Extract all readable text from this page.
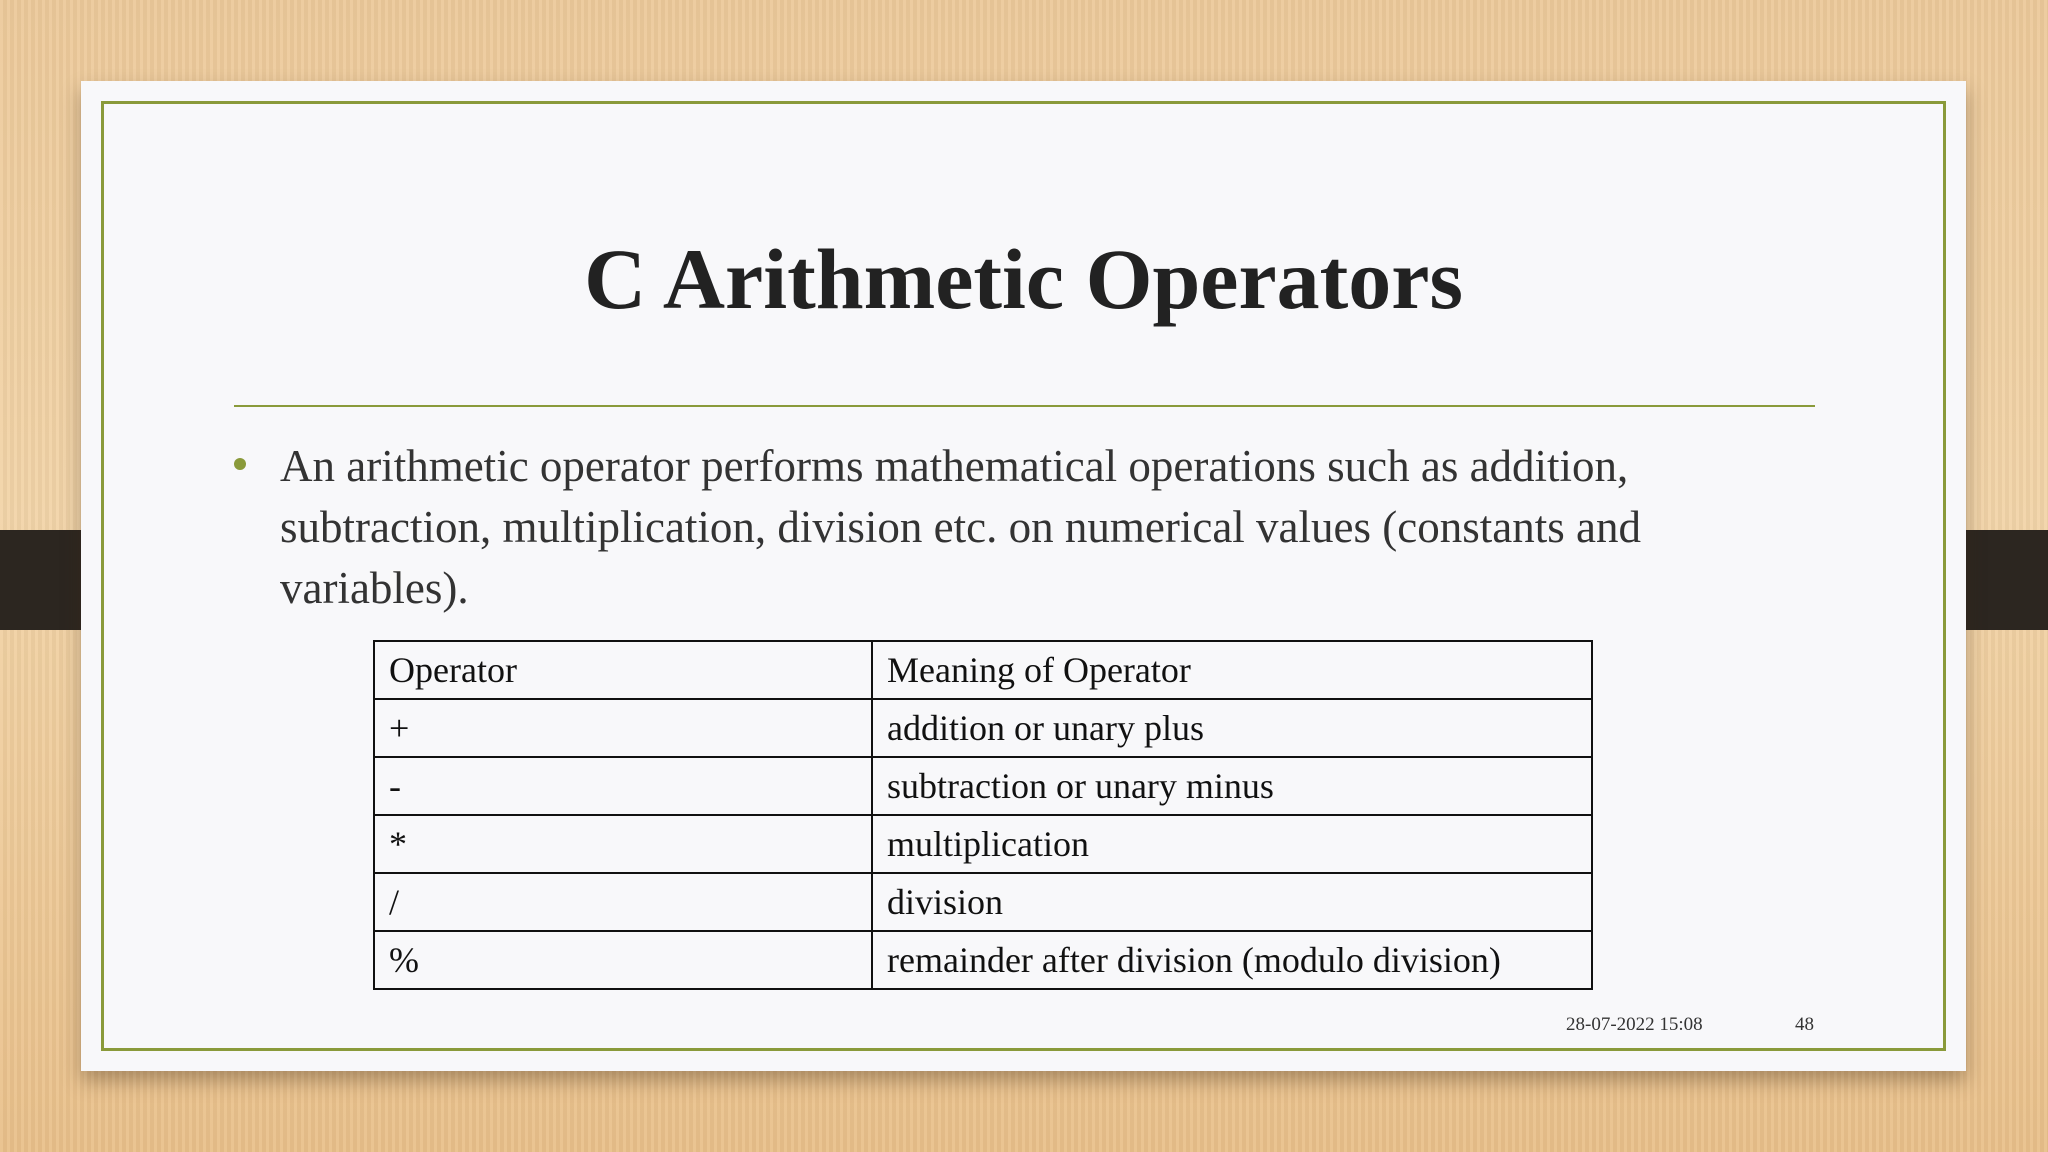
C Arithmetic Operators
An arithmetic operator performs mathematical operations such as addition, subtraction, multiplication, division etc. on numerical values (constants and variables).
Operator	Meaning of Operator
+	addition or unary plus
-	subtraction or unary minus
*	multiplication
/	division
%	remainder after division (modulo division)
28-07-2022 15:08	48
